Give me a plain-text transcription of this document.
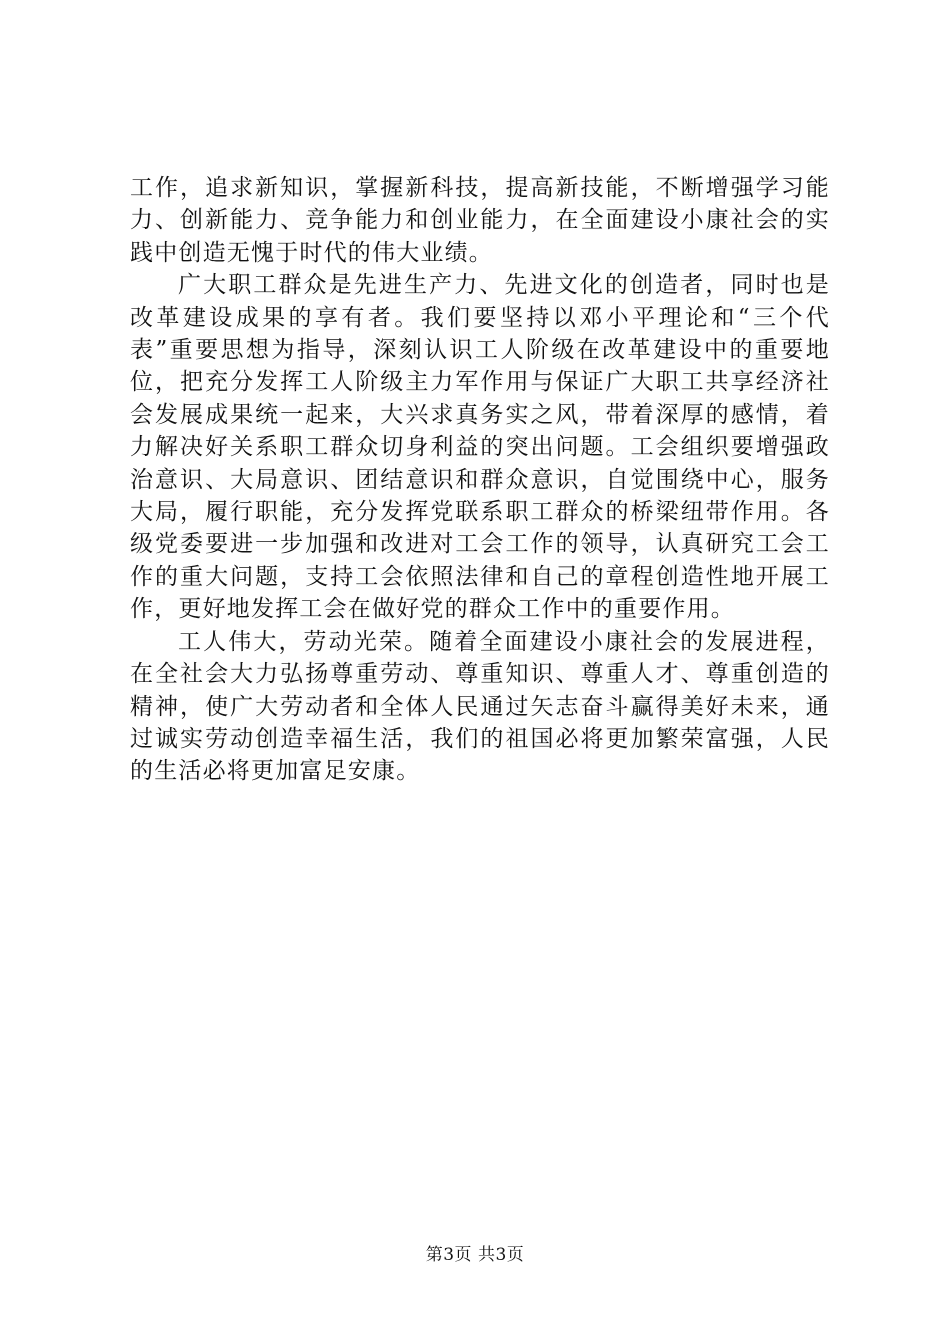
工作，追求新知识，掌握新科技，提高新技能，不断增强学习能力、创新能力、竞争能力和创业能力，在全面建设小康社会的实践中创造无愧于时代的伟大业绩。

广大职工群众是先进生产力、先进文化的创造者，同时也是改革建设成果的享有者。我们要坚持以邓小平理论和“三个代表”重要思想为指导，深刻认识工人阶级在改革建设中的重要地位，把充分发挥工人阶级主力军作用与保证广大职工共享经济社会发展成果统一起来，大兴求真务实之风，带着深厚的感情，着力解决好关系职工群众切身利益的突出问题。工会组织要增强政治意识、大局意识、团结意识和群众意识，自觉围绕中心，服务大局，履行职能，充分发挥党联系职工群众的桥梁纽带作用。各级党委要进一步加强和改进对工会工作的领导，认真研究工会工作的重大问题，支持工会依照法律和自己的章程创造性地开展工作，更好地发挥工会在做好党的群众工作中的重要作用。

工人伟大，劳动光荣。随着全面建设小康社会的发展进程，在全社会大力弘扬尊重劳动、尊重知识、尊重人才、尊重创造的精神，使广大劳动者和全体人民通过矢志奋斗赢得美好未来，通过诚实劳动创造幸福生活，我们的祖国必将更加繁荣富强，人民的生活必将更加富足安康。

第3页 共3页
